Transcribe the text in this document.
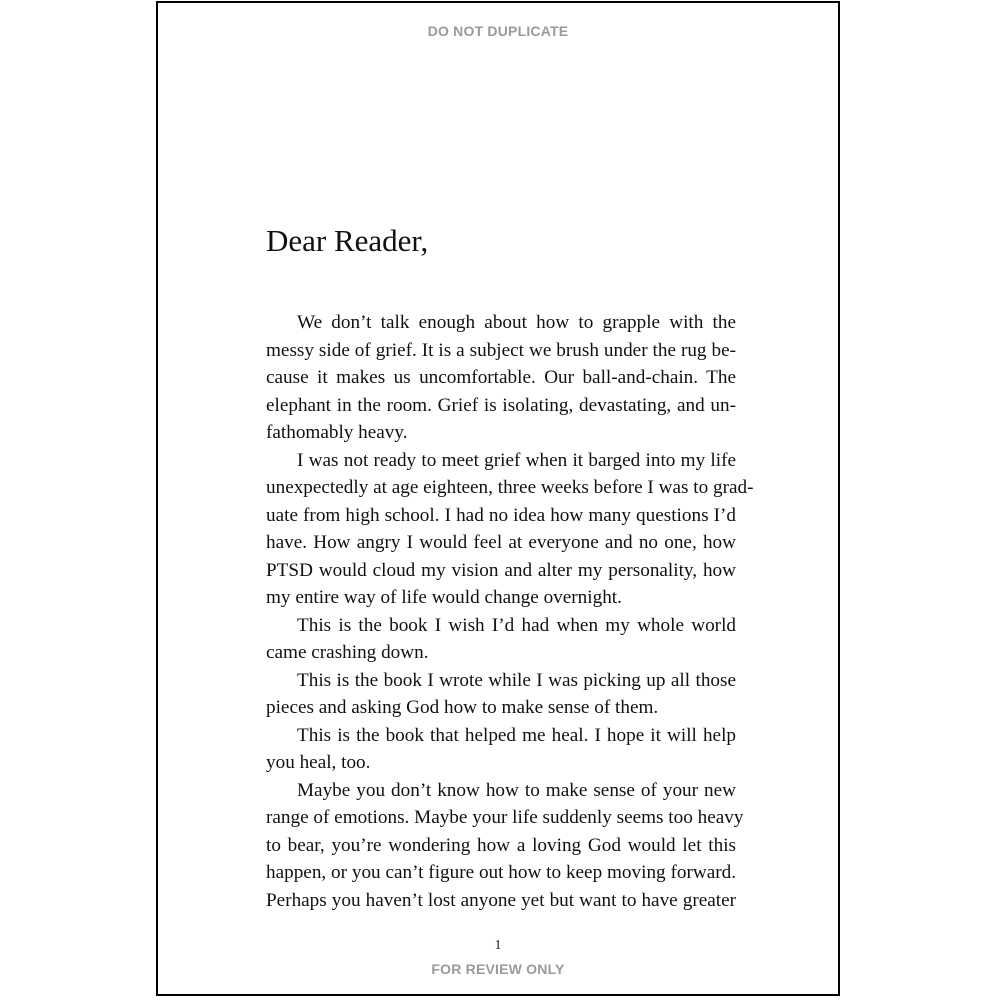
DO NOT DUPLICATE
Dear Reader,

We don’t talk enough about how to grapple with the
messy side of grief. It is a subject we brush under the rug be-
cause it makes us uncomfortable. Our ball-and-chain. The
elephant in the room. Grief is isolating, devastating, and un-
fathomably heavy.

I was not ready to meet grief when it barged into my life
unexpectedly at age eighteen, three weeks before I was to grad-
uate from high school. I had no idea how many questions I’d
have. How angry I would feel at everyone and no one, how
PTSD would cloud my vision and alter my personality, how
my entire way of life would change overnight.

This is the book I wish I’d had when my whole world
came crashing down.

This is the book I wrote while I was picking up all those
pieces and asking God how to make sense of them.

This is the book that helped me heal. I hope it will help
you heal, too.

Maybe you don’t know how to make sense of your new
range of emotions. Maybe your life suddenly seems too heavy
to bear, you’re wondering how a loving God would let this
happen, or you can’t figure out how to keep moving forward.
Perhaps you haven’t lost anyone yet but want to have greater

1
FOR REVIEW ONLY
